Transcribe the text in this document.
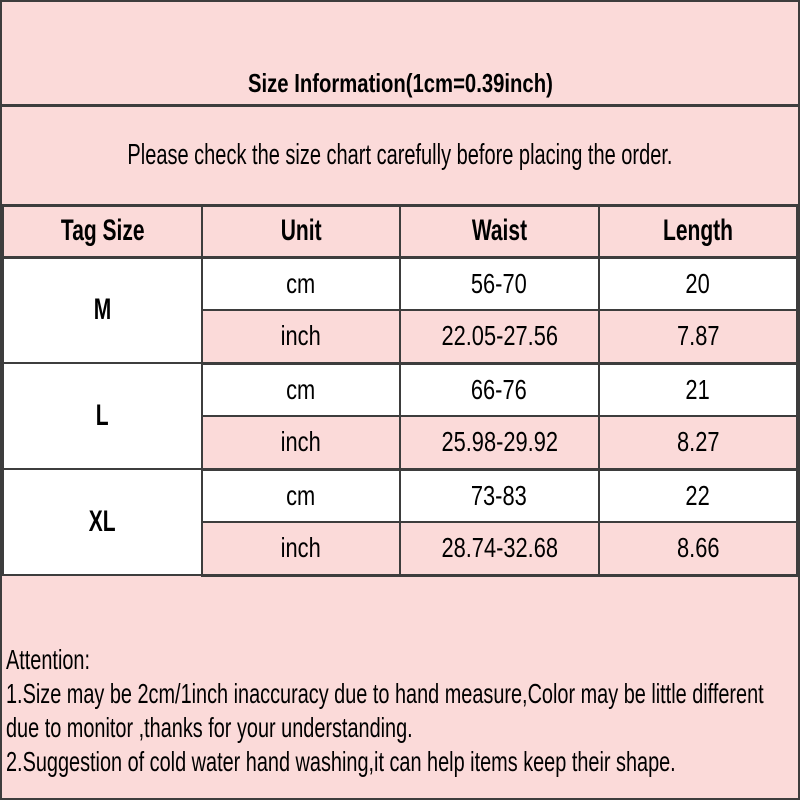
Size Information(1cm=0.39inch)
Please check the size chart carefully before placing the order.
Tag Size	Unit	Waist	Length
M	cm	56-70	20
	inch	22.05-27.56	7.87
L	cm	66-76	21
	inch	25.98-29.92	8.27
XL	cm	73-83	22
	inch	28.74-32.68	8.66
Attention:
1.Size may be 2cm/1inch inaccuracy due to hand measure,Color may be little different
due to monitor ,thanks for your understanding.
2.Suggestion of cold water hand washing,it can help items keep their shape.
